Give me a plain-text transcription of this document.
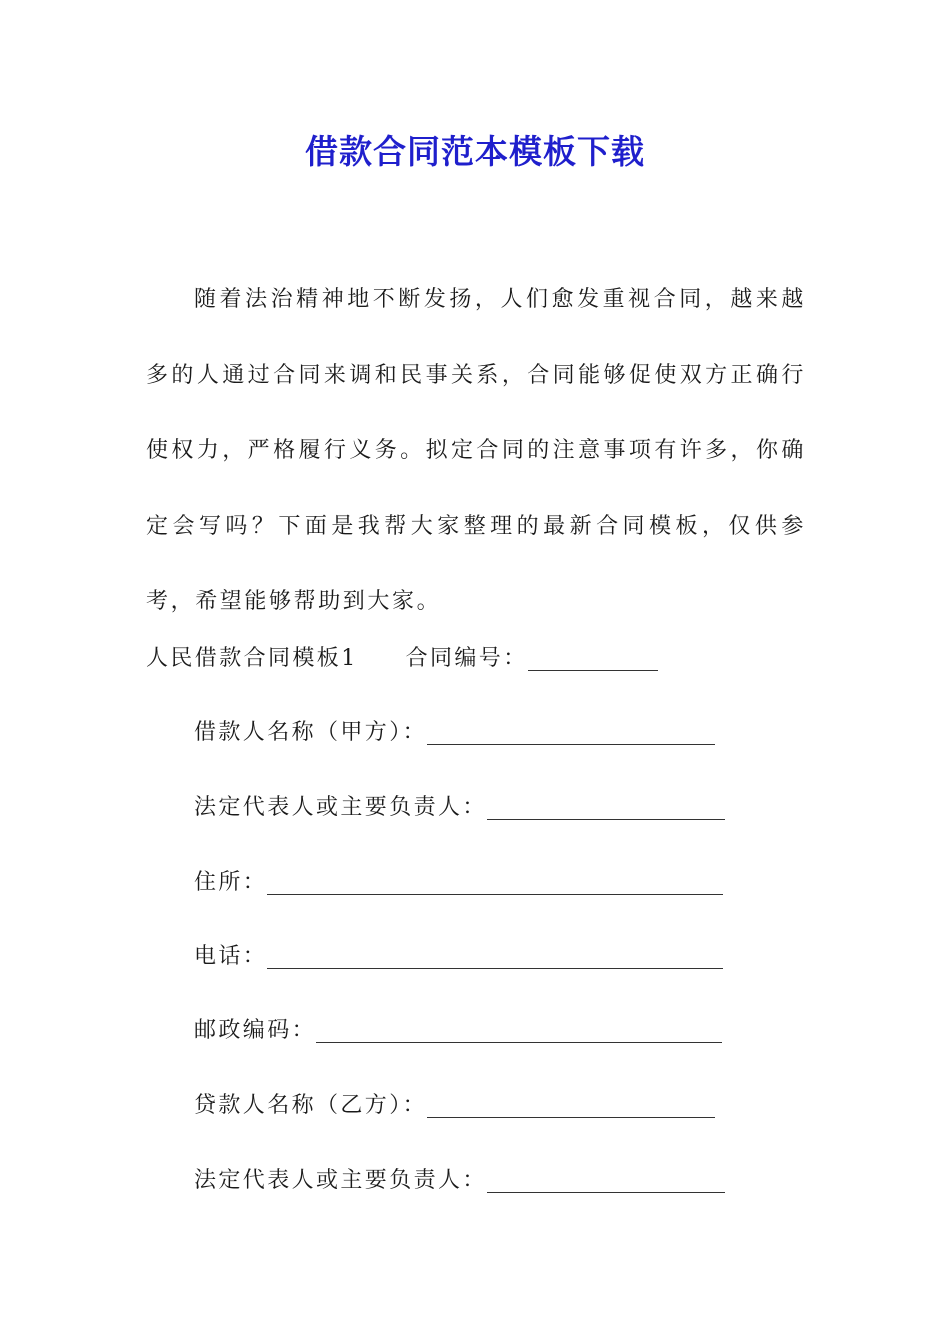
借款合同范本模板下载

随着法治精神地不断发扬，人们愈发重视合同，越来越多的人通过合同来调和民事关系，合同能够促使双方正确行使权力，严格履行义务。拟定合同的注意事项有许多，你确定会写吗？下面是我帮大家整理的最新合同模板，仅供参考，希望能够帮助到大家。

人民借款合同模板1 合同编号：
借款人名称（甲方）：
法定代表人或主要负责人：
住所：
电话：
邮政编码：
贷款人名称（乙方）：
法定代表人或主要负责人：
